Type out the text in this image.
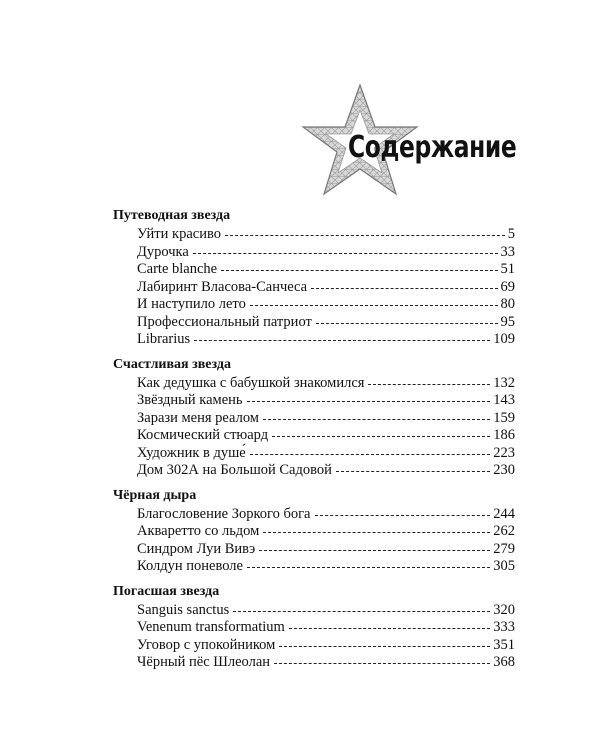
Содержание
Путеводная звезда
Уйти красиво	5
Дурочка	33
Carte blanche	51
Лабиринт Власова-Санчеса	69
И наступило лето	80
Профессиональный патриот	95
Librarius	109
Счастливая звезда
Как дедушка с бабушкой знакомился	132
Звёздный камень	143
Зарази меня реалом	159
Космический стюард	186
Художник в душе́	223
Дом 302А на Большой Садовой	230
Чёрная дыра
Благословение Зоркого бога	244
Акваретто со льдом	262
Синдром Луи Вивэ	279
Колдун поневоле	305
Погасшая звезда
Sanguis sanctus	320
Venenum transformatium	333
Уговор с упокойником	351
Чёрный пёс Шлеолан	368
